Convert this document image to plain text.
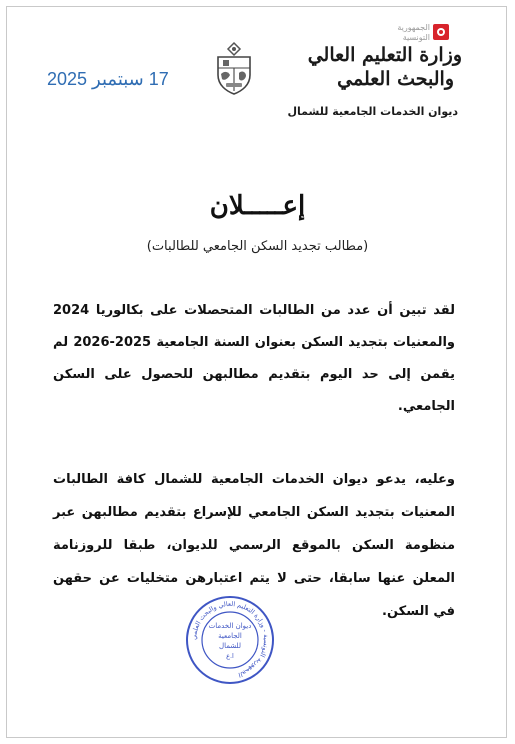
17 سبتمبر 2025
الجمهورية
التونسية
وزارة التعليم العالي
والبحث العلمي
ديوان الخدمات الجامعية للشمال
إعـــــلان
(مطالب تجديد السكن الجامعي للطالبات)
لقد تبين أن عدد من الطالبات المتحصلات على بكالوريا 2024 والمعنيات بتجديد السكن بعنوان السنة الجامعية 2025-2026 لم يقمن إلى حد اليوم بتقديم مطالبهن للحصول على السكن الجامعي.
وعليه، يدعو ديوان الخدمات الجامعية للشمال كافة الطالبات المعنيات بتجديد السكن الجامعي للإسراع بتقديم مطالبهن عبر منظومة السكن بالموقع الرسمي للديوان، طبقا للروزنامة المعلن عنها سابقا، حتى لا يتم اعتبارهن متخليات عن حقهن في السكن.
الجمهورية التونسية - وزارة التعليم العالي والبحث العلمي
ديوان الخدمات
الجامعية
للشمال
ا.ع
